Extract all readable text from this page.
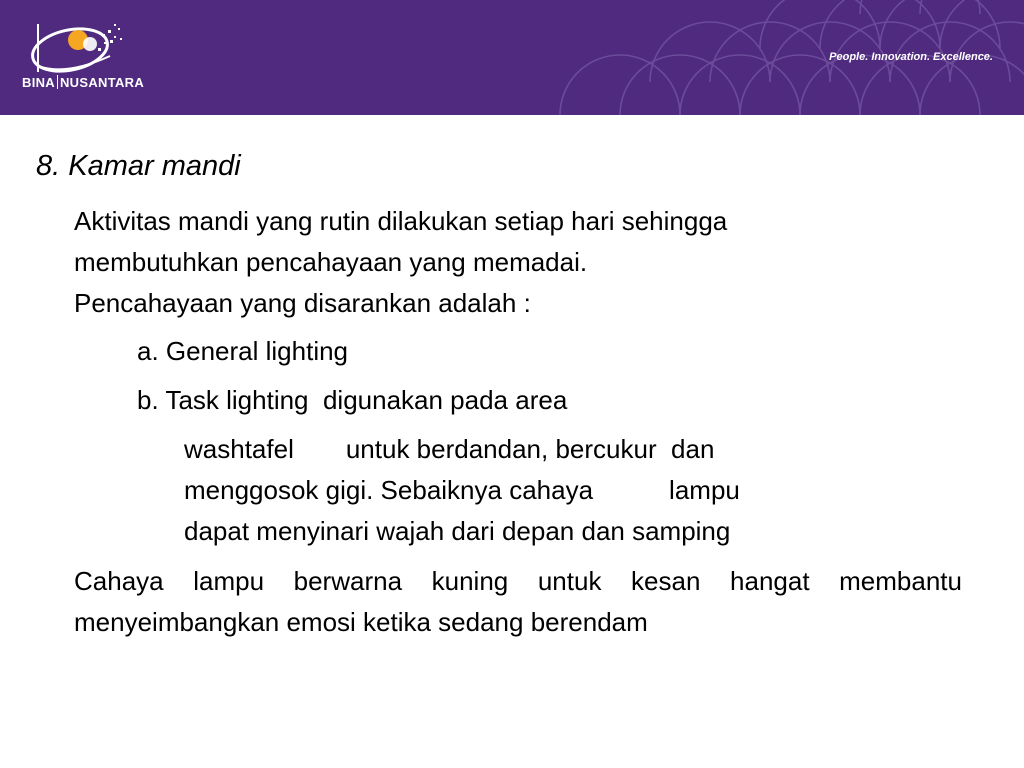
BINA NUSANTARA
People. Innovation. Excellence.
8. Kamar mandi

Aktivitas mandi yang rutin dilakukan setiap hari sehingga
membutuhkan pencahayaan yang memadai.
Pencahayaan yang disarankan adalah :

a. General lighting

b. Task lighting  digunakan pada area

washtafel untuk berdandan, bercukur  dan
menggosok gigi. Sebaiknya cahaya	lampu
dapat menyinari wajah dari depan dan samping

Cahaya lampu berwarna kuning untuk kesan hangat membantu menyeimbangkan emosi ketika sedang berendam
